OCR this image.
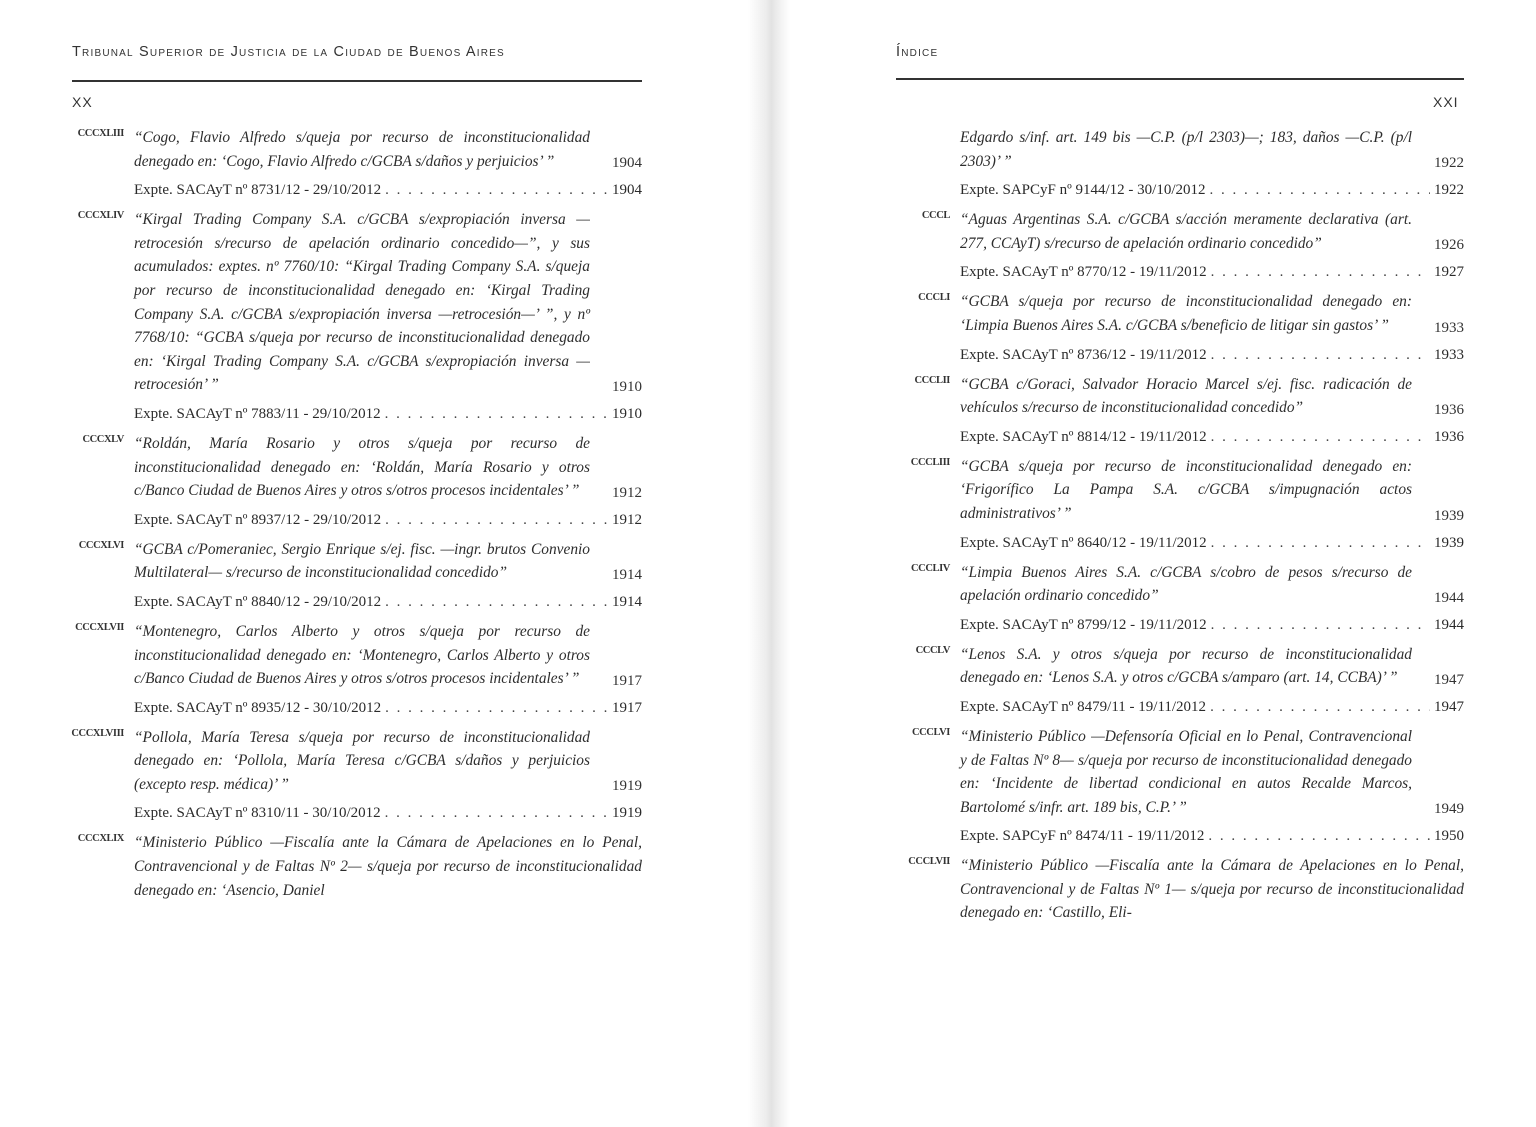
Tribunal Superior de Justicia de la Ciudad de Buenos Aires
XX
CCCXLIII “Cogo, Flavio Alfredo s/queja por recurso de inconstitucionalidad denegado en: ‘Cogo, Flavio Alfredo c/GCBA s/daños y perjuicios’ ”	1904
Expte. SACAyT nº 8731/12 - 29/10/2012 . . .	1904
CCCXLIV “Kirgal Trading Company S.A. c/GCBA s/expropiación inversa —retrocesión s/recurso de apelación ordinario concedido—”, y sus acumulados: exptes. nº 7760/10: “Kirgal Trading Company S.A. s/queja por recurso de inconstitucionalidad denegado en: ‘Kirgal Trading Company S.A. c/GCBA s/expropiación inversa —retrocesión—’ ”, y nº 7768/10: “GCBA s/queja por recurso de inconstitucionalidad denegado en: ‘Kirgal Trading Company S.A. c/GCBA s/expropiación inversa —retrocesión’ ”	1910
Expte. SACAyT nº 7883/11 - 29/10/2012 . . .	1910
CCCXLV “Roldán, María Rosario y otros s/queja por recurso de inconstitucionalidad denegado en: ‘Roldán, María Rosario y otros c/Banco Ciudad de Buenos Aires y otros s/otros procesos incidentales’ ”	1912
Expte. SACAyT nº 8937/12 - 29/10/2012 . . .	1912
CCCXLVI “GCBA c/Pomeraniec, Sergio Enrique s/ej. fisc. —ingr. brutos Convenio Multilateral— s/recurso de inconstitucionalidad concedido”	1914
Expte. SACAyT nº 8840/12 - 29/10/2012 . . .	1914
CCCXLVII “Montenegro, Carlos Alberto y otros s/queja por recurso de inconstitucionalidad denegado en: ‘Montenegro, Carlos Alberto y otros c/Banco Ciudad de Buenos Aires y otros s/otros procesos incidentales’ ”	1917
Expte. SACAyT nº 8935/12 - 30/10/2012 . . .	1917
CCCXLVIII “Pollola, María Teresa s/queja por recurso de inconstitucionalidad denegado en: ‘Pollola, María Teresa c/GCBA s/daños y perjuicios (excepto resp. médica)’ ”	1919
Expte. SACAyT nº 8310/11 - 30/10/2012 . . .	1919
CCCXLIX “Ministerio Público —Fiscalía ante la Cámara de Apelaciones en lo Penal, Contravencional y de Faltas Nº 2— s/queja por recurso de inconstitucionalidad denegado en: ‘Asencio, Daniel
Índice
XXI
Edgardo s/inf. art. 149 bis —C.P. (p/l 2303)—; 183, daños —C.P. (p/l 2303)’ ”	1922
Expte. SAPCyF nº 9144/12 - 30/10/2012 . . .	1922
CCCL “Aguas Argentinas S.A. c/GCBA s/acción meramente declarativa (art. 277, CCAyT) s/recurso de apelación ordinario concedido”	1926
Expte. SACAyT nº 8770/12 - 19/11/2012 . . .	1927
CCCLI “GCBA s/queja por recurso de inconstitucionalidad denegado en: ‘Limpia Buenos Aires S.A. c/GCBA s/beneficio de litigar sin gastos’ ”	1933
Expte. SACAyT nº 8736/12 - 19/11/2012 . . .	1933
CCCLII “GCBA c/Goraci, Salvador Horacio Marcel s/ej. fisc. radicación de vehículos s/recurso de inconstitucionalidad concedido”	1936
Expte. SACAyT nº 8814/12 - 19/11/2012 . . .	1936
CCCLIII “GCBA s/queja por recurso de inconstitucionalidad denegado en: ‘Frigorífico La Pampa S.A. c/GCBA s/impugnación actos administrativos’ ”	1939
Expte. SACAyT nº 8640/12 - 19/11/2012 . . .	1939
CCCLIV “Limpia Buenos Aires S.A. c/GCBA s/cobro de pesos s/recurso de apelación ordinario concedido”	1944
Expte. SACAyT nº 8799/12 - 19/11/2012 . . .	1944
CCCLV “Lenos S.A. y otros s/queja por recurso de inconstitucionalidad denegado en: ‘Lenos S.A. y otros c/GCBA s/amparo (art. 14, CCBA)’ ”	1947
Expte. SACAyT nº 8479/11 - 19/11/2012 . . .	1947
CCCLVI “Ministerio Público —Defensoría Oficial en lo Penal, Contravencional y de Faltas Nº 8— s/queja por recurso de inconstitucionalidad denegado en: ‘Incidente de libertad condicional en autos Recalde Marcos, Bartolomé s/infr. art. 189 bis, C.P.’ ”	1949
Expte. SAPCyF nº 8474/11 - 19/11/2012 . . .	1950
CCCLVII “Ministerio Público —Fiscalía ante la Cámara de Apelaciones en lo Penal, Contravencional y de Faltas Nº 1— s/queja por recurso de inconstitucionalidad denegado en: ‘Castillo, Eli-
